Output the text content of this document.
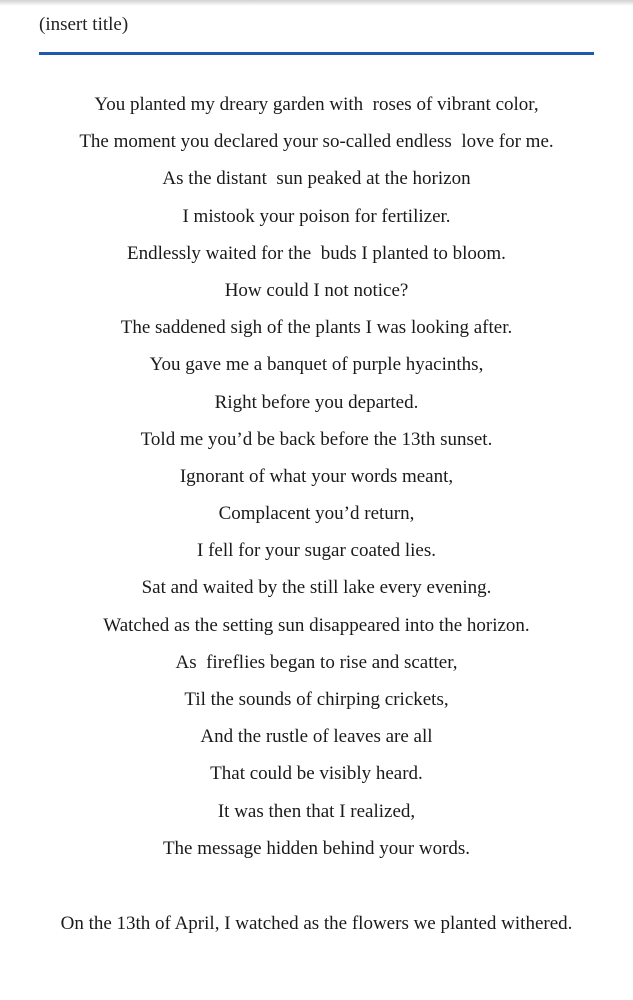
(insert title)
You planted my dreary garden with  roses of vibrant color,
The moment you declared your so-called endless  love for me.
As the distant  sun peaked at the horizon
I mistook your poison for fertilizer.
Endlessly waited for the  buds I planted to bloom.
How could I not notice?
The saddened sigh of the plants I was looking after.
You gave me a banquet of purple hyacinths,
Right before you departed.
Told me you’d be back before the 13th sunset.
Ignorant of what your words meant,
Complacent you’d return,
I fell for your sugar coated lies.
Sat and waited by the still lake every evening.
Watched as the setting sun disappeared into the horizon.
As  fireflies began to rise and scatter,
Til the sounds of chirping crickets,
And the rustle of leaves are all
That could be visibly heard.
It was then that I realized,
The message hidden behind your words.

On the 13th of April, I watched as the flowers we planted withered.
